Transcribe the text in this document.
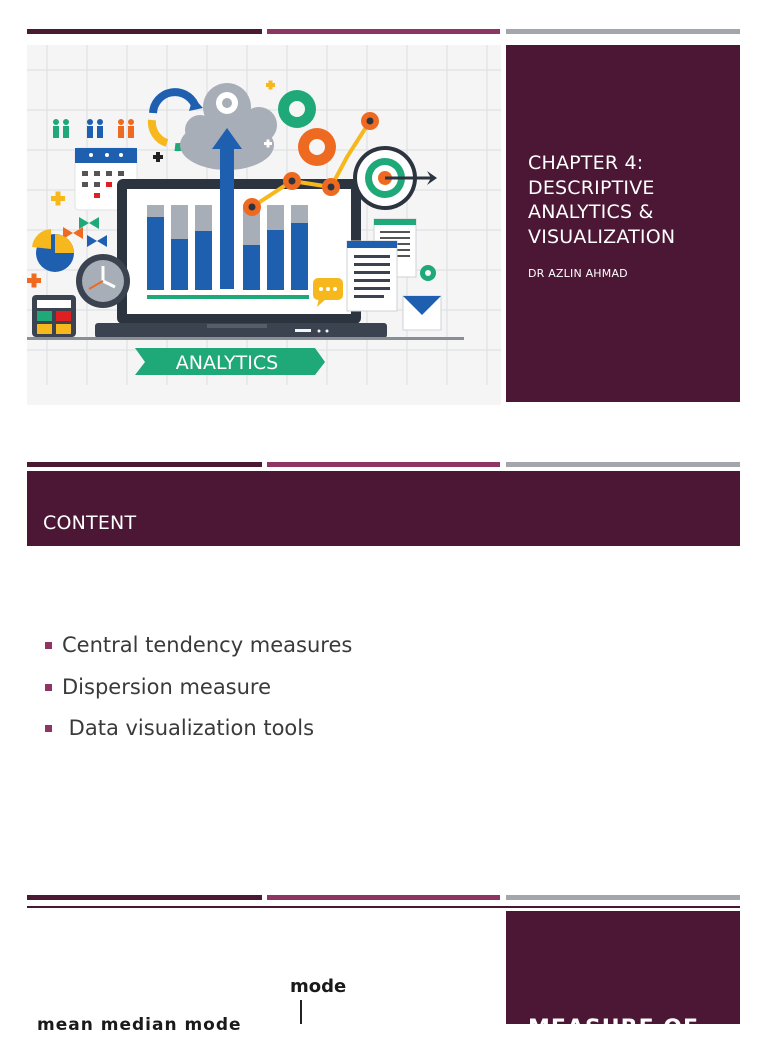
ANALYTICS
CHAPTER 4: DESCRIPTIVE ANALYTICS & VISUALIZATION
DR AZLIN AHMAD
CONTENT
Central tendency measures
Dispersion measure
Data visualization tools
mode
mean median mode	MEASURE OF
